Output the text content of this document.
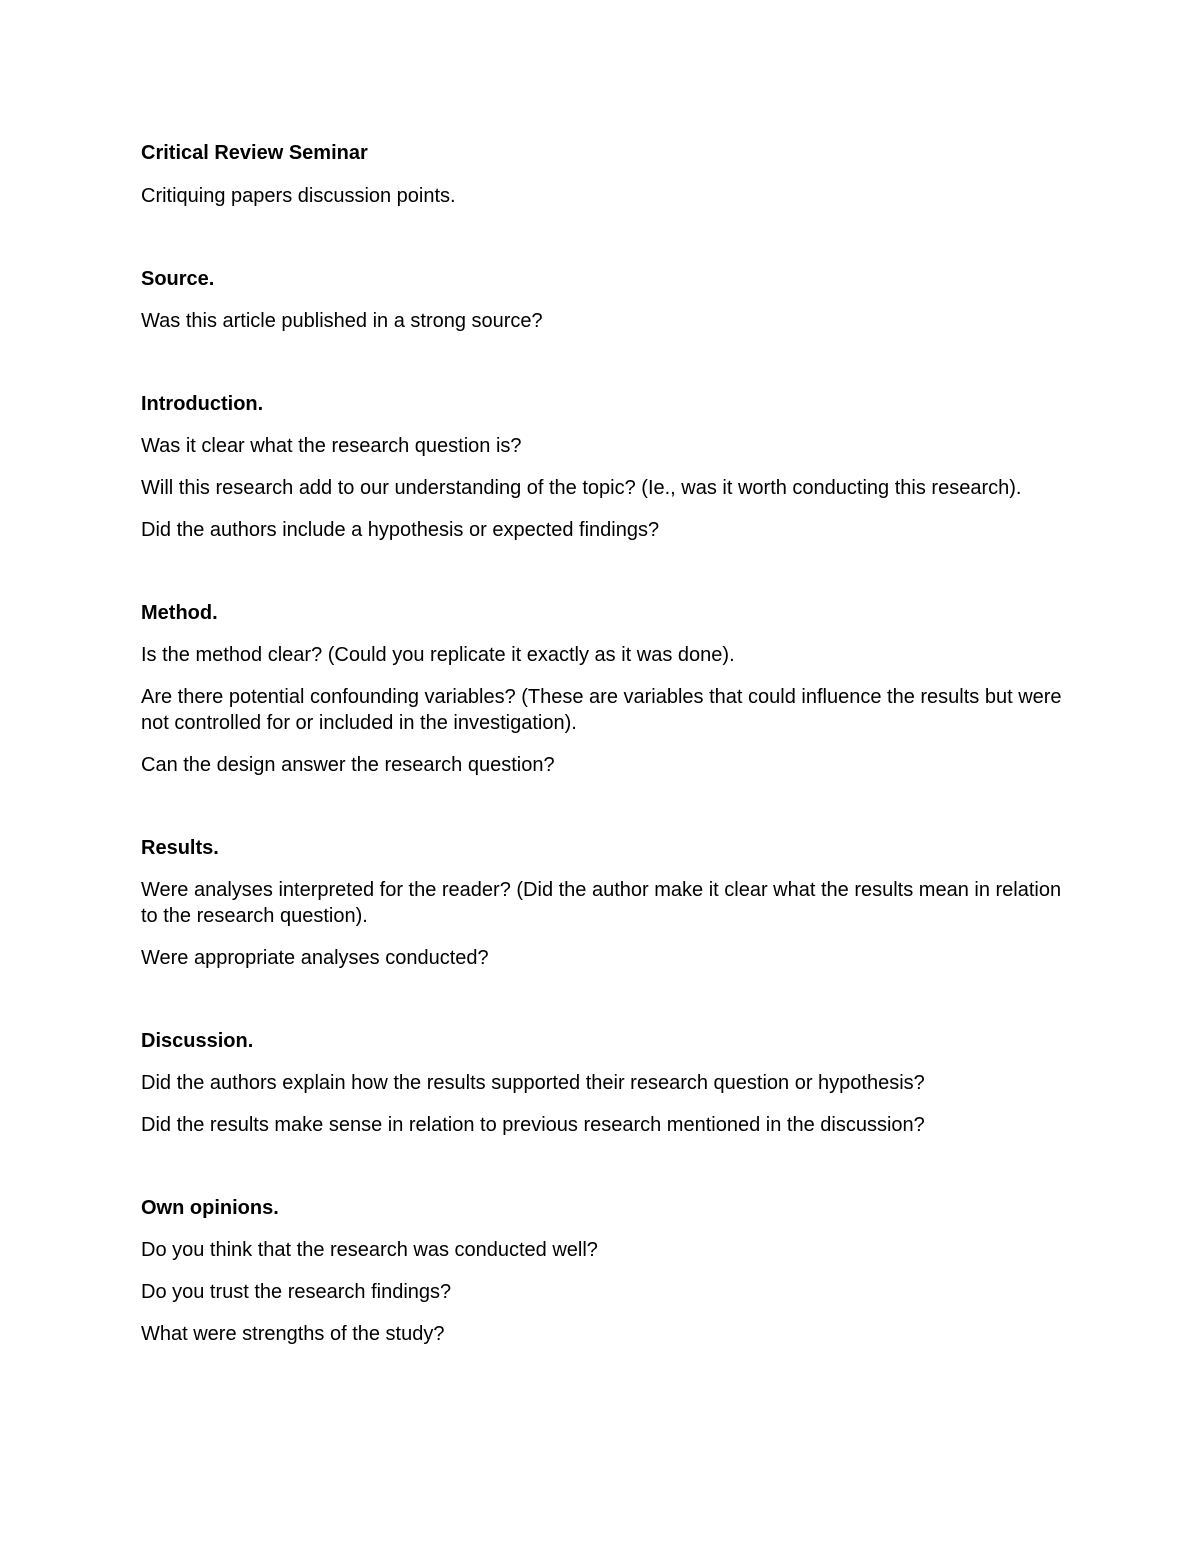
Critical Review Seminar

Critiquing papers discussion points.

Source.

Was this article published in a strong source?

Introduction.

Was it clear what the research question is?

Will this research add to our understanding of the topic? (Ie., was it worth conducting this research).

Did the authors include a hypothesis or expected findings?

Method.

Is the method clear? (Could you replicate it exactly as it was done).

Are there potential confounding variables? (These are variables that could influence the results but were not controlled for or included in the investigation).

Can the design answer the research question?

Results.

Were analyses interpreted for the reader? (Did the author make it clear what the results mean in relation to the research question).

Were appropriate analyses conducted?

Discussion.

Did the authors explain how the results supported their research question or hypothesis?

Did the results make sense in relation to previous research mentioned in the discussion?

Own opinions.

Do you think that the research was conducted well?

Do you trust the research findings?

What were strengths of the study?
